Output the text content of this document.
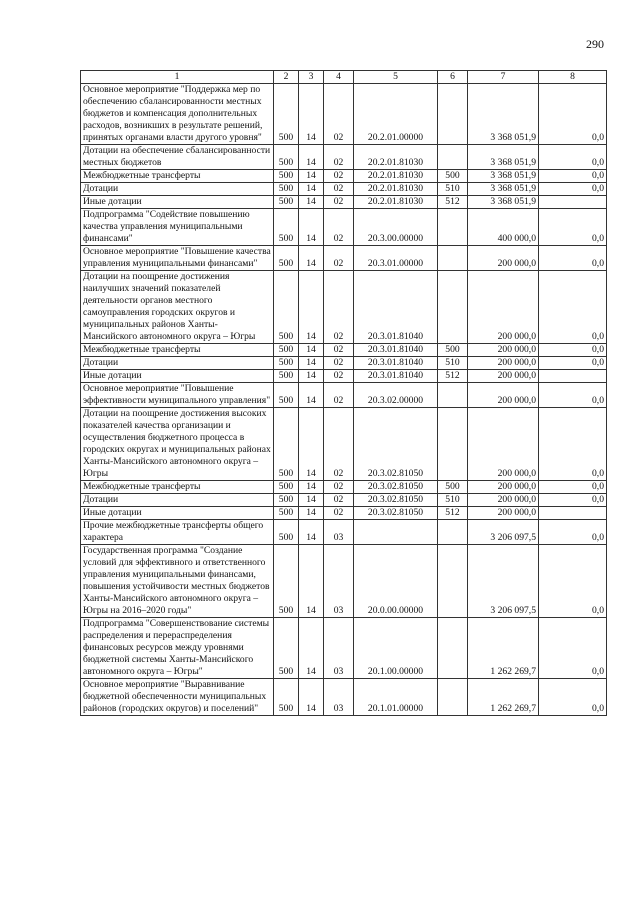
290
1	2	3	4	5	6	7	8
Основное мероприятие "Поддержка мер по обеспечению сбалансированности местных бюджетов и компенсация дополнительных расходов, возникших в результате решений, принятых органами власти другого уровня"	500	14	02	20.2.01.00000		3 368 051,9	0,0
Дотации на обеспечение сбалансированности местных бюджетов	500	14	02	20.2.01.81030		3 368 051,9	0,0
Межбюджетные трансферты	500	14	02	20.2.01.81030	500	3 368 051,9	0,0
Дотации	500	14	02	20.2.01.81030	510	3 368 051,9	0,0
Иные дотации	500	14	02	20.2.01.81030	512	3 368 051,9	
Подпрограмма "Содействие повышению качества управления муниципальными финансами"	500	14	02	20.3.00.00000		400 000,0	0,0
Основное мероприятие "Повышение качества управления муниципальными финансами"	500	14	02	20.3.01.00000		200 000,0	0,0
Дотации на поощрение достижения наилучших значений показателей деятельности органов местного самоуправления городских округов и муниципальных районов Ханты-Мансийского автономного округа – Югры	500	14	02	20.3.01.81040		200 000,0	0,0
Межбюджетные трансферты	500	14	02	20.3.01.81040	500	200 000,0	0,0
Дотации	500	14	02	20.3.01.81040	510	200 000,0	0,0
Иные дотации	500	14	02	20.3.01.81040	512	200 000,0	
Основное мероприятие "Повышение эффективности муниципального управления"	500	14	02	20.3.02.00000		200 000,0	0,0
Дотации на поощрение достижения высоких показателей качества организации и осуществления бюджетного процесса в городских округах и муниципальных районах Ханты-Мансийского автономного округа – Югры	500	14	02	20.3.02.81050		200 000,0	0,0
Межбюджетные трансферты	500	14	02	20.3.02.81050	500	200 000,0	0,0
Дотации	500	14	02	20.3.02.81050	510	200 000,0	0,0
Иные дотации	500	14	02	20.3.02.81050	512	200 000,0	
Прочие межбюджетные трансферты общего характера	500	14	03			3 206 097,5	0,0
Государственная программа "Создание условий для эффективного и ответственного управления муниципальными финансами, повышения устойчивости местных бюджетов Ханты-Мансийского автономного округа – Югры на 2016–2020 годы"	500	14	03	20.0.00.00000		3 206 097,5	0,0
Подпрограмма "Совершенствование системы распределения и перераспределения финансовых ресурсов между уровнями бюджетной системы Ханты-Мансийского автономного округа – Югры"	500	14	03	20.1.00.00000		1 262 269,7	0,0
Основное мероприятие "Выравнивание бюджетной обеспеченности муниципальных районов (городских округов) и поселений"	500	14	03	20.1.01.00000		1 262 269,7	0,0
